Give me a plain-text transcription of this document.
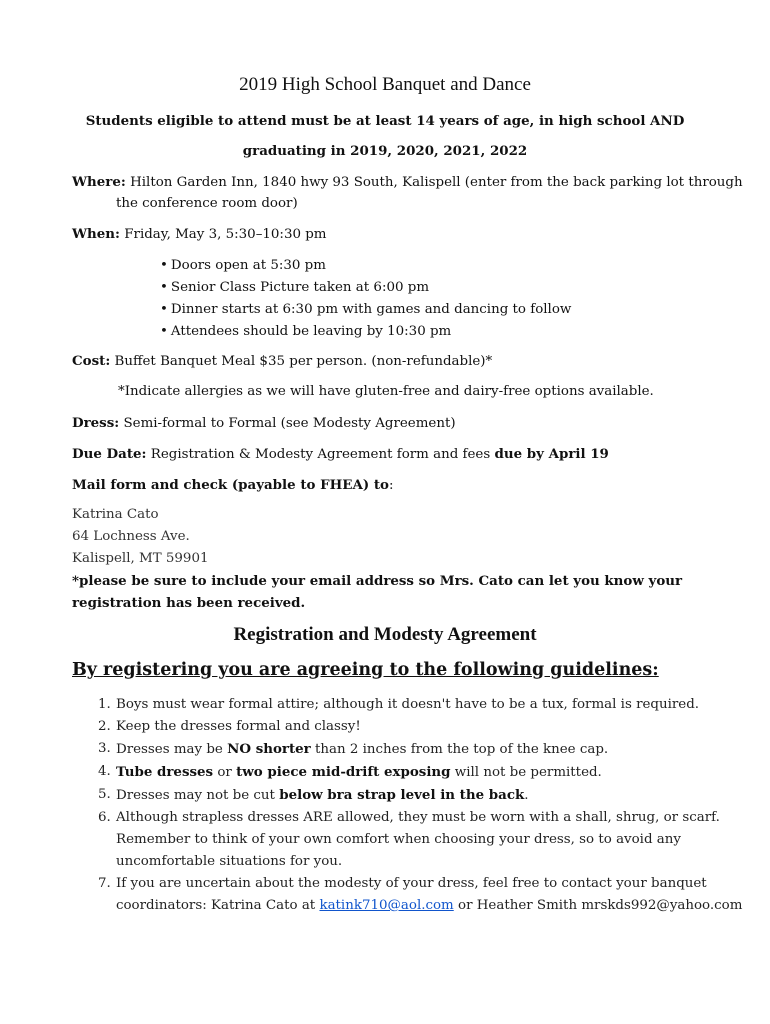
2019 High School Banquet and Dance
Students eligible to attend must be at least 14 years of age, in high school AND
graduating in 2019, 2020, 2021, 2022
Where: Hilton Garden Inn, 1840 hwy 93 South, Kalispell (enter from the back parking lot through
the conference room door)
When: Friday, May 3, 5:30–10:30 pm
• Doors open at 5:30 pm
• Senior Class Picture taken at 6:00 pm
• Dinner starts at 6:30 pm with games and dancing to follow
• Attendees should be leaving by 10:30 pm
Cost: Buffet Banquet Meal $35 per person. (non-refundable)*
*Indicate allergies as we will have gluten-free and dairy-free options available.
Dress: Semi-formal to Formal (see Modesty Agreement)
Due Date: Registration & Modesty Agreement form and fees due by April 19
Mail form and check (payable to FHEA) to:
Katrina Cato
64 Lochness Ave.
Kalispell, MT 59901
*please be sure to include your email address so Mrs. Cato can let you know your
registration has been received.
Registration and Modesty Agreement
By registering you are agreeing to the following guidelines:
1. Boys must wear formal attire; although it doesn't have to be a tux, formal is required.
2. Keep the dresses formal and classy!
3. Dresses may be NO shorter than 2 inches from the top of the knee cap.
4. Tube dresses or two piece mid-drift exposing will not be permitted.
5. Dresses may not be cut below bra strap level in the back.
6. Although strapless dresses ARE allowed, they must be worn with a shall, shrug, or scarf. Remember to think of your own comfort when choosing your dress, so to avoid any uncomfortable situations for you.
7. If you are uncertain about the modesty of your dress, feel free to contact your banquet coordinators: Katrina Cato at katink710@aol.com or Heather Smith mrskds992@yahoo.com
